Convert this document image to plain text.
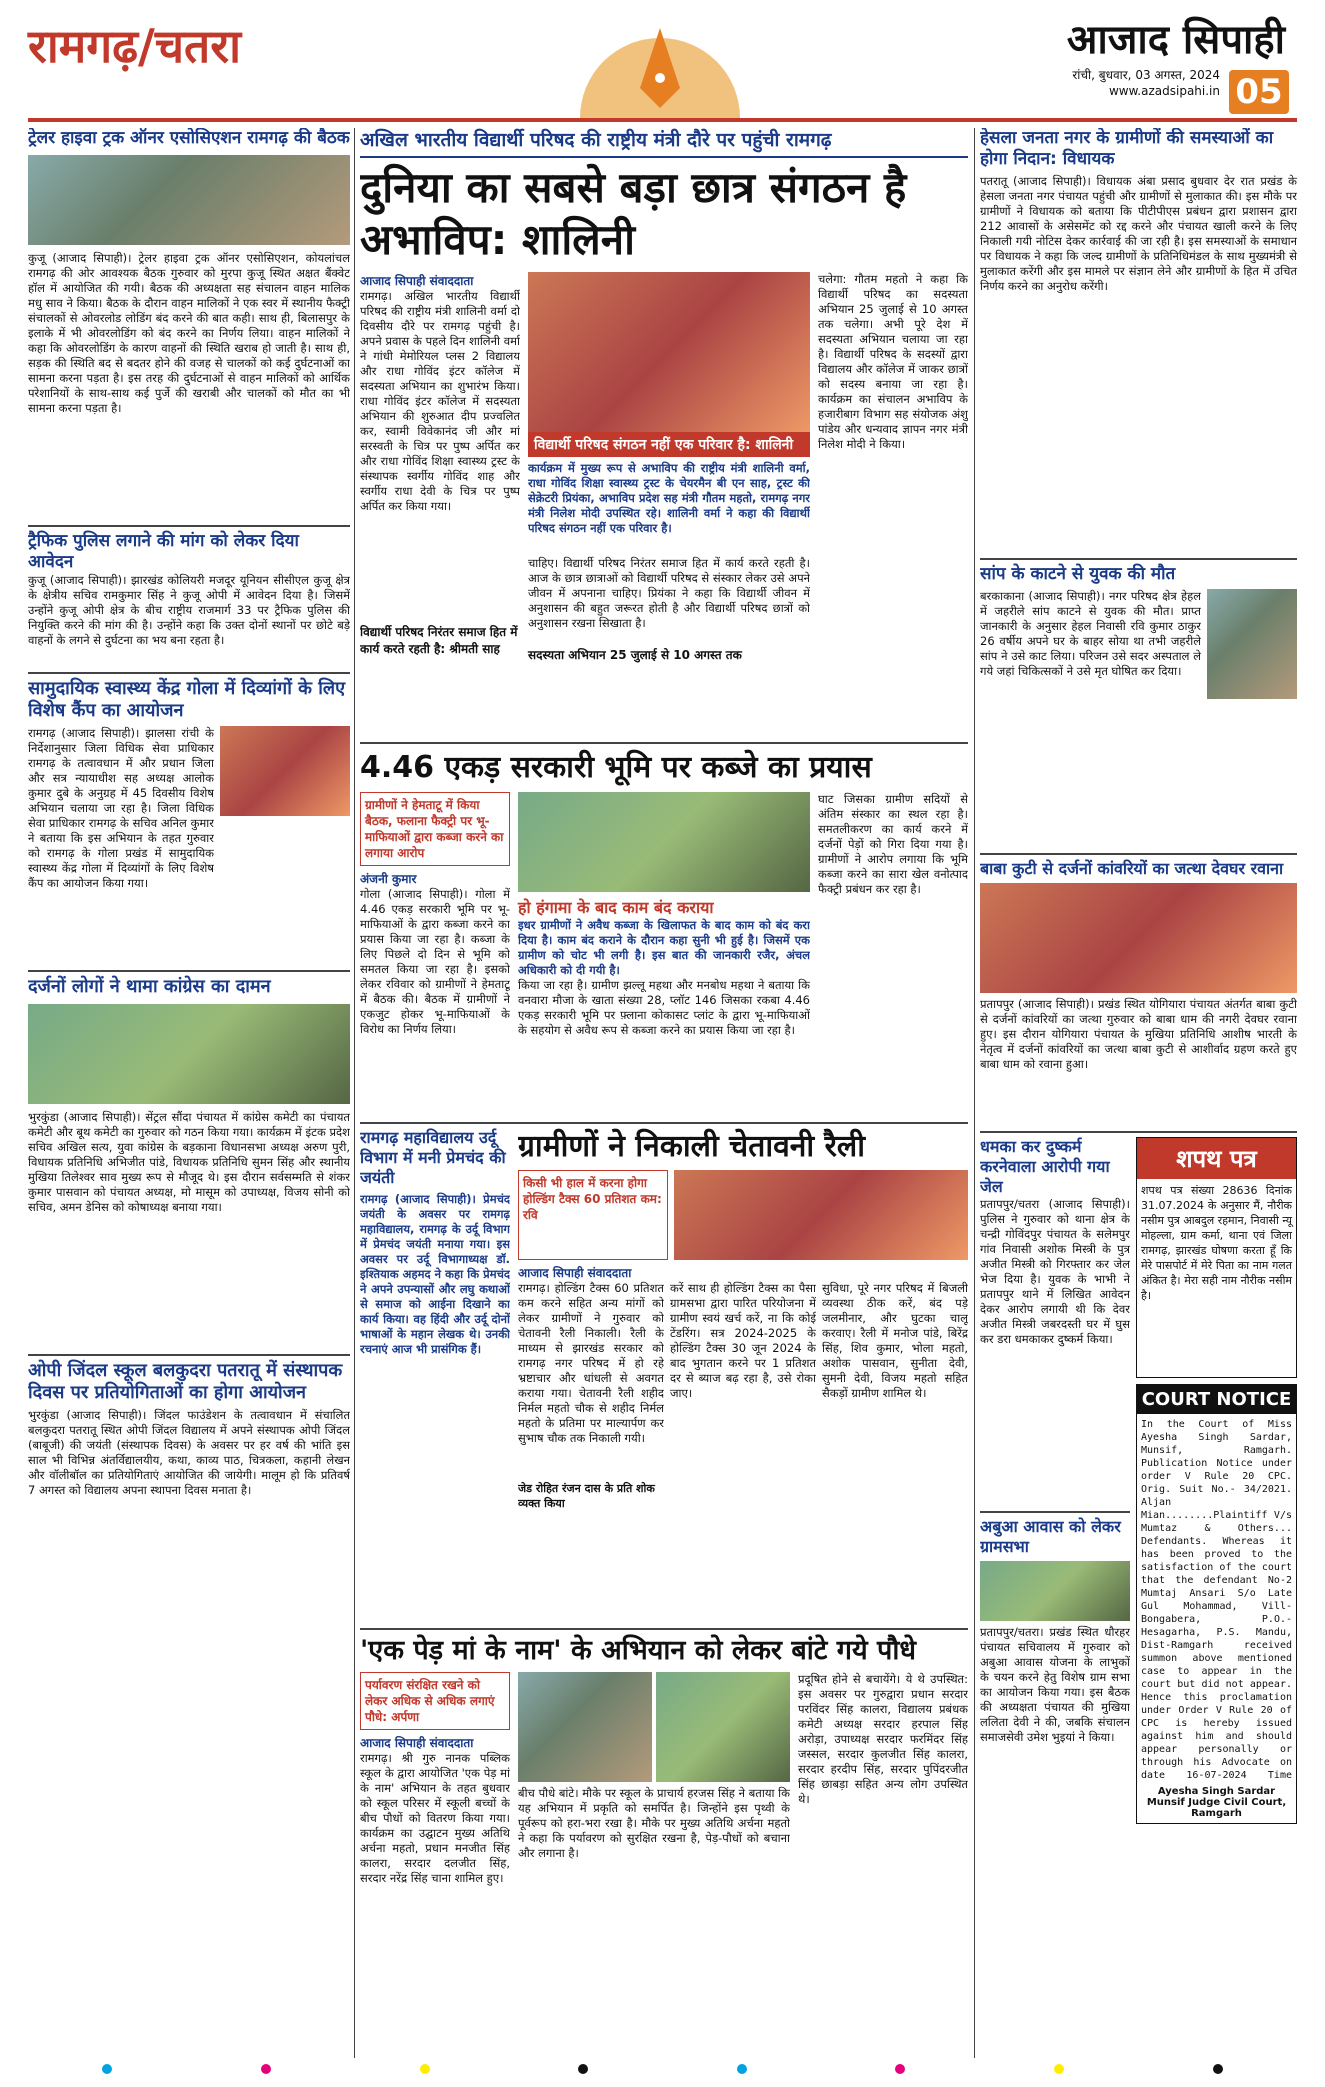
रामगढ़/चतरा	आजाद सिपाही
रांची, बुधवार, 03 अगस्त, 2024
www.azadsipahi.in 05
ट्रेलर हाइवा ट्रक ऑनर एसोसिएशन रामगढ़ की बैठक
कुजू (आजाद सिपाही)। ट्रेलर हाइवा ट्रक ऑनर एसोसिएशन, कोयलांचल रामगढ़ की ओर आवश्यक बैठक गुरुवार को मुरपा कुजू स्थित अक्षत बैंक्वेट हॉल में आयोजित की गयी। बैठक की अध्यक्षता सह संचालन वाहन मालिक मधु साव ने किया। बैठक के दौरान वाहन मालिकों ने एक स्वर में स्थानीय फैक्ट्री संचालकों से ओवरलोड लोडिंग बंद करने की बात कही। साथ ही, बिलासपुर के इलाके में भी ओवरलोडिंग को बंद करने का निर्णय लिया। वाहन मालिकों ने कहा कि ओवरलोडिंग के कारण वाहनों की स्थिति खराब हो जाती है। साथ ही, सड़क की स्थिति बद से बदतर होने की वजह से चालकों को कई दुर्घटनाओं का सामना करना पड़ता है। इस तरह की दुर्घटनाओं से वाहन मालिकों को आर्थिक परेशानियों के साथ-साथ कई पुर्जे की खराबी और चालकों को मौत का भी सामना करना पड़ता है।
ट्रैफिक पुलिस लगाने की मांग को लेकर दिया आवेदन
कुजू (आजाद सिपाही)। झारखंड कोलियरी मजदूर यूनियन सीसीएल कुजू क्षेत्र के क्षेत्रीय सचिव रामकुमार सिंह ने कुजू ओपी में आवेदन दिया है। जिसमें उन्होंने कुजू ओपी क्षेत्र के बीच राष्ट्रीय राजमार्ग 33 पर ट्रैफिक पुलिस की नियुक्ति करने की मांग की है। उन्होंने कहा कि उक्त दोनों स्थानों पर छोटे बड़े वाहनों के लगने से दुर्घटना का भय बना रहता है।
सामुदायिक स्वास्थ्य केंद्र गोला में दिव्यांगों के लिए विशेष कैंप का आयोजन
रामगढ़ (आजाद सिपाही)। झालसा रांची के निर्देशानुसार जिला विधिक सेवा प्राधिकार रामगढ़ के तत्वावधान में और प्रधान जिला और सत्र न्यायाधीश सह अध्यक्ष आलोक कुमार दुबे के अनुग्रह में 45 दिवसीय विशेष अभियान चलाया जा रहा है। जिला विधिक सेवा प्राधिकार रामगढ़ के सचिव अनिल कुमार ने बताया कि इस अभियान के तहत गुरुवार को रामगढ़ के गोला प्रखंड में सामुदायिक स्वास्थ्य केंद्र गोला में दिव्यांगों के लिए विशेष कैंप का आयोजन किया गया।
दर्जनों लोगों ने थामा कांग्रेस का दामन
भुरकुंडा (आजाद सिपाही)। सेंट्रल सौंदा पंचायत में कांग्रेस कमेटी का पंचायत कमेटी और बूथ कमेटी का गुरुवार को गठन किया गया। कार्यक्रम में इंटक प्रदेश सचिव अखिल सत्य, युवा कांग्रेस के बड़काना विधानसभा अध्यक्ष अरुण पुरी, विधायक प्रतिनिधि अभिजीत पांडे, विधायक प्रतिनिधि सुमन सिंह और स्थानीय मुखिया तिलेश्वर साव मुख्य रूप से मौजूद थे। इस दौरान सर्वसम्मति से शंकर कुमार पासवान को पंचायत अध्यक्ष, मो मासूम को उपाध्यक्ष, विजय सोनी को सचिव, अमन डेनिस को कोषाध्यक्ष बनाया गया।
ओपी जिंदल स्कूल बलकुदरा पतरातू में संस्थापक दिवस पर प्रतियोगिताओं का होगा आयोजन
भुरकुंडा (आजाद सिपाही)। जिंदल फाउंडेशन के तत्वावधान में संचालित बलकुदरा पतरातू स्थित ओपी जिंदल विद्यालय में अपने संस्थापक ओपी जिंदल (बाबूजी) की जयंती (संस्थापक दिवस) के अवसर पर हर वर्ष की भांति इस साल भी विभिन्न अंतर्विद्यालयीय, कथा, काव्य पाठ, चित्रकला, कहानी लेखन और वॉलीबॉल का प्रतियोगिताएं आयोजित की जायेगी। मालूम हो कि प्रतिवर्ष 7 अगस्त को विद्यालय अपना स्थापना दिवस मनाता है।
अखिल भारतीय विद्यार्थी परिषद की राष्ट्रीय मंत्री दौरे पर पहुंची रामगढ़
दुनिया का सबसे बड़ा छात्र संगठन है अभाविप: शालिनी
आजाद सिपाही संवाददाता
रामगढ़। अखिल भारतीय विद्यार्थी परिषद की राष्ट्रीय मंत्री शालिनी वर्मा दो दिवसीय दौरे पर रामगढ़ पहुंची है। अपने प्रवास के पहले दिन शालिनी वर्मा ने गांधी मेमोरियल प्लस 2 विद्यालय और राधा गोविंद इंटर कॉलेज में सदस्यता अभियान का शुभारंभ किया। राधा गोविंद इंटर कॉलेज में सदस्यता अभियान की शुरुआत दीप प्रज्वलित कर, स्वामी विवेकानंद जी और मां सरस्वती के चित्र पर पुष्प अर्पित कर और राधा गोविंद शिक्षा स्वास्थ्य ट्रस्ट के संस्थापक स्वर्गीय गोविंद शाह और स्वर्गीय राधा देवी के चित्र पर पुष्प अर्पित कर किया गया।
विद्यार्थी परिषद निरंतर समाज हित में कार्य करते रहती है: श्रीमती साह
विद्यार्थी परिषद संगठन नहीं एक परिवार है: शालिनी
कार्यक्रम में मुख्य रूप से अभाविप की राष्ट्रीय मंत्री शालिनी वर्मा, राधा गोविंद शिक्षा स्वास्थ्य ट्रस्ट के चेयरमैन बी एन साह, ट्रस्ट की सेक्रेटरी प्रियंका, अभाविप प्रदेश सह मंत्री गौतम महतो, रामगढ़ नगर मंत्री निलेश मोदी उपस्थित रहे। शालिनी वर्मा ने कहा की विद्यार्थी परिषद संगठन नहीं एक परिवार है।
चाहिए। विद्यार्थी परिषद निरंतर समाज हित में कार्य करते रहती है। आज के छात्र छात्राओं को विद्यार्थी परिषद से संस्कार लेकर उसे अपने जीवन में अपनाना चाहिए। प्रियंका ने कहा कि विद्यार्थी जीवन में अनुशासन की बहुत जरूरत होती है और विद्यार्थी परिषद छात्रों को अनुशासन रखना सिखाता है।
सदस्यता अभियान 25 जुलाई से 10 अगस्त तक
चलेगा: गौतम महतो ने कहा कि विद्यार्थी परिषद का सदस्यता अभियान 25 जुलाई से 10 अगस्त तक चलेगा। अभी पूरे देश में सदस्यता अभियान चलाया जा रहा है। विद्यार्थी परिषद के सदस्यों द्वारा विद्यालय और कॉलेज में जाकर छात्रों को सदस्य बनाया जा रहा है। कार्यक्रम का संचालन अभाविप के हजारीबाग विभाग सह संयोजक अंशु पांडेय और धन्यवाद ज्ञापन नगर मंत्री निलेश मोदी ने किया।
4.46 एकड़ सरकारी भूमि पर कब्जे का प्रयास
ग्रामीणों ने हेमताटू में किया बैठक, फलाना फैक्ट्री पर भू-माफियाओं द्वारा कब्जा करने का लगाया आरोप
अंजनी कुमार
गोला (आजाद सिपाही)। गोला में 4.46 एकड़ सरकारी भूमि पर भू-माफियाओं के द्वारा कब्जा करने का प्रयास किया जा रहा है। कब्जा के लिए पिछले दो दिन से भूमि को समतल किया जा रहा है। इसको लेकर रविवार को ग्रामीणों ने हेमताटू में बैठक की। बैठक में ग्रामीणों ने एकजुट होकर भू-माफियाओं के विरोध का निर्णय लिया।
हो हंगामा के बाद काम बंद कराया
इधर ग्रामीणों ने अवैध कब्जा के खिलाफत के बाद काम को बंद करा दिया है। काम बंद कराने के दौरान कहा सुनी भी हुई है। जिसमें एक ग्रामीण को चोट भी लगी है। इस बात की जानकारी रजैर, अंचल अधिकारी को दी गयी है।
किया जा रहा है। ग्रामीण झल्लू महथा और मनबोध महथा ने बताया कि वनवारा मौजा के खाता संख्या 28, प्लॉट 146 जिसका रकबा 4.46 एकड़ सरकारी भूमि पर फ़्लाना कोकासट प्लांट के द्वारा भू-माफियाओं के सहयोग से अवैध रूप से कब्जा करने का प्रयास किया जा रहा है।
घाट जिसका ग्रामीण सदियों से अंतिम संस्कार का स्थल रहा है। समतलीकरण का कार्य करने में दर्जनों पेड़ों को गिरा दिया गया है। ग्रामीणों ने आरोप लगाया कि भूमि कब्जा करने का सारा खेल वनोत्पाद फैक्ट्री प्रबंधन कर रहा है।
रामगढ़ महाविद्यालय उर्दू विभाग में मनी प्रेमचंद की जयंती
रामगढ़ (आजाद सिपाही)। प्रेमचंद जयंती के अवसर पर रामगढ़ महाविद्यालय, रामगढ़ के उर्दू विभाग में प्रेमचंद जयंती मनाया गया। इस अवसर पर उर्दू विभागाध्यक्ष डॉ. इश्तियाक अहमद ने कहा कि प्रेमचंद ने अपने उपन्यासों और लघु कथाओं से समाज को आईना दिखाने का कार्य किया। वह हिंदी और उर्दू दोनों भाषाओं के महान लेखक थे। उनकी रचनाएं आज भी प्रासंगिक हैं।
ग्रामीणों ने निकाली चेतावनी रैली
किसी भी हाल में करना होगा होल्डिंग टैक्स 60 प्रतिशत कम: रवि
आजाद सिपाही संवाददाता
रामगढ़। होल्डिंग टैक्स 60 प्रतिशत कम करने सहित अन्य मांगों को लेकर ग्रामीणों ने गुरुवार को चेतावनी रैली निकाली। रैली के माध्यम से झारखंड सरकार को रामगढ़ नगर परिषद में हो रहे भ्रष्टाचार और धांधली से अवगत कराया गया। चेतावनी रैली शहीद निर्मल महतो चौक से शहीद निर्मल महतो के प्रतिमा पर माल्यार्पण कर सुभाष चौक तक निकाली गयी।
जेड रोहित रंजन दास के प्रति शोक व्यक्त किया
करें साथ ही होल्डिंग टैक्स का पैसा ग्रामसभा द्वारा पारित परियोजना में ग्रामीण स्वयं खर्च करें, ना कि कोई टेंडरिंग। सत्र 2024-2025 के होल्डिंग टैक्स 30 जून 2024 के बाद भुगतान करने पर 1 प्रतिशत दर से ब्याज बढ़ रहा है, उसे रोका जाए।
सुविधा, पूरे नगर परिषद में बिजली व्यवस्था ठीक करें, बंद पड़े जलमीनार, और घुटका चालू करवाए। रैली में मनोज पांडे, बिरेंद्र सिंह, शिव कुमार, भोला महतो, अशोक पासवान, सुनीता देवी, सुमनी देवी, विजय महतो सहित सैकड़ों ग्रामीण शामिल थे।
'एक पेड़ मां के नाम' के अभियान को लेकर बांटे गये पौधे
पर्यावरण संरक्षित रखने को लेकर अधिक से अधिक लगाएं पौधे: अर्पणा
आजाद सिपाही संवाददाता
रामगढ़। श्री गुरु नानक पब्लिक स्कूल के द्वारा आयोजित 'एक पेड़ मां के नाम' अभियान के तहत बुधवार को स्कूल परिसर में स्कूली बच्चों के बीच पौधों को वितरण किया गया। कार्यक्रम का उद्घाटन मुख्य अतिथि अर्चना महतो, प्रधान मनजीत सिंह कालरा, सरदार दलजीत सिंह, सरदार नरेंद्र सिंह चाना शामिल हुए।
बीच पौधे बांटे। मौके पर स्कूल के प्राचार्य हरजस सिंह ने बताया कि यह अभियान में प्रकृति को समर्पित है। जिन्होंने इस पृथ्वी के पूर्वरूप को हरा-भरा रखा है। मौके पर मुख्य अतिथि अर्चना महतो ने कहा कि पर्यावरण को सुरक्षित रखना है, पेड़-पौधों को बचाना और लगाना है।
प्रदूषित होने से बचायेंगे। ये थे उपस्थित: इस अवसर पर गुरुद्वारा प्रधान सरदार परविंदर सिंह कालरा, विद्यालय प्रबंधक कमेटी अध्यक्ष सरदार हरपाल सिंह अरोड़ा, उपाध्यक्ष सरदार फरमिंदर सिंह जस्सल, सरदार कुलजीत सिंह कालरा, सरदार हरदीप सिंह, सरदार पुपिंदरजीत सिंह छाबड़ा सहित अन्य लोग उपस्थित थे।
हेसला जनता नगर के ग्रामीणों की समस्याओं का होगा निदान: विधायक
पतरातू (आजाद सिपाही)। विधायक अंबा प्रसाद बुधवार देर रात प्रखंड के हेसला जनता नगर पंचायत पहुंची और ग्रामीणों से मुलाकात की। इस मौके पर ग्रामीणों ने विधायक को बताया कि पीटीपीएस प्रबंधन द्वारा प्रशासन द्वारा 212 आवासों के असेसमेंट को रद्द करने और पंचायत खाली करने के लिए निकाली गयी नोटिस देकर कार्रवाई की जा रही है। इस समस्याओं के समाधान पर विधायक ने कहा कि जल्द ग्रामीणों के प्रतिनिधिमंडल के साथ मुख्यमंत्री से मुलाकात करेंगी और इस मामले पर संज्ञान लेने और ग्रामीणों के हित में उचित निर्णय करने का अनुरोध करेंगी।
सांप के काटने से युवक की मौत
बरकाकाना (आजाद सिपाही)। नगर परिषद क्षेत्र हेहल में जहरीले सांप काटने से युवक की मौत। प्राप्त जानकारी के अनुसार हेहल निवासी रवि कुमार ठाकुर 26 वर्षीय अपने घर के बाहर सोया था तभी जहरीले सांप ने उसे काट लिया। परिजन उसे सदर अस्पताल ले गये जहां चिकित्सकों ने उसे मृत घोषित कर दिया।
बाबा कुटी से दर्जनों कांवरियों का जत्था देवघर रवाना
प्रतापपुर (आजाद सिपाही)। प्रखंड स्थित योगियारा पंचायत अंतर्गत बाबा कुटी से दर्जनों कांवरियों का जत्था गुरुवार को बाबा धाम की नगरी देवघर रवाना हुए। इस दौरान योगियारा पंचायत के मुखिया प्रतिनिधि आशीष भारती के नेतृत्व में दर्जनों कांवरियों का जत्था बाबा कुटी से आशीर्वाद ग्रहण करते हुए बाबा धाम को रवाना हुआ।
धमका कर दुष्कर्म करनेवाला आरोपी गया जेल
प्रतापपुर/चतरा (आजाद सिपाही)। पुलिस ने गुरुवार को थाना क्षेत्र के चन्द्री गोविंदपुर पंचायत के सलेमपुर गांव निवासी अशोक मिस्त्री के पुत्र अजीत मिस्त्री को गिरफ्तार कर जेल भेज दिया है। युवक के भाभी ने प्रतापपुर थाने में लिखित आवेदन देकर आरोप लगायी थी कि देवर अजीत मिस्त्री जबरदस्ती घर में घुस कर डरा धमकाकर दुष्कर्म किया।
अबुआ आवास को लेकर ग्रामसभा
प्रतापपुर/चतरा। प्रखंड स्थित धौरहर पंचायत सचिवालय में गुरुवार को अबुआ आवास योजना के लाभुकों के चयन करने हेतु विशेष ग्राम सभा का आयोजन किया गया। इस बैठक की अध्यक्षता पंचायत की मुखिया ललिता देवी ने की, जबकि संचालन समाजसेवी उमेश भुइयां ने किया।
शपथ पत्र
शपथ पत्र संख्या 28636 दिनांक 31.07.2024 के अनुसार मैं, नौरीक नसीम पुत्र आबदुल रहमान, निवासी न्यू मोहल्ला, ग्राम कर्मा, थाना एवं जिला रामगढ़, झारखंड घोषणा करता हूँ कि मेरे पासपोर्ट में मेरे पिता का नाम गलत अंकित है। मेरा सही नाम नौरीक नसीम है।
COURT NOTICE
In the Court of Miss Ayesha Singh Sardar, Munsif, Ramgarh. Publication Notice under order V Rule 20 CPC. Orig. Suit No.- 34/2021. Aljan Mian........Plaintiff V/s Mumtaz & Others... Defendants. Whereas it has been proved to the satisfaction of the court that the defendant No-2 Mumtaj Ansari S/o Late Gul Mohammad, Vill-Bongabera, P.O.-Hesagarha, P.S. Mandu, Dist-Ramgarh received summon above mentioned case to appear in the court but did not appear. Hence this proclamation under Order V Rule 20 of CPC is hereby issued against him and should appear personally or through his Advocate on date 16-07-2024 Time
Ayesha Singh Sardar Munsif Judge Civil Court, Ramgarh
